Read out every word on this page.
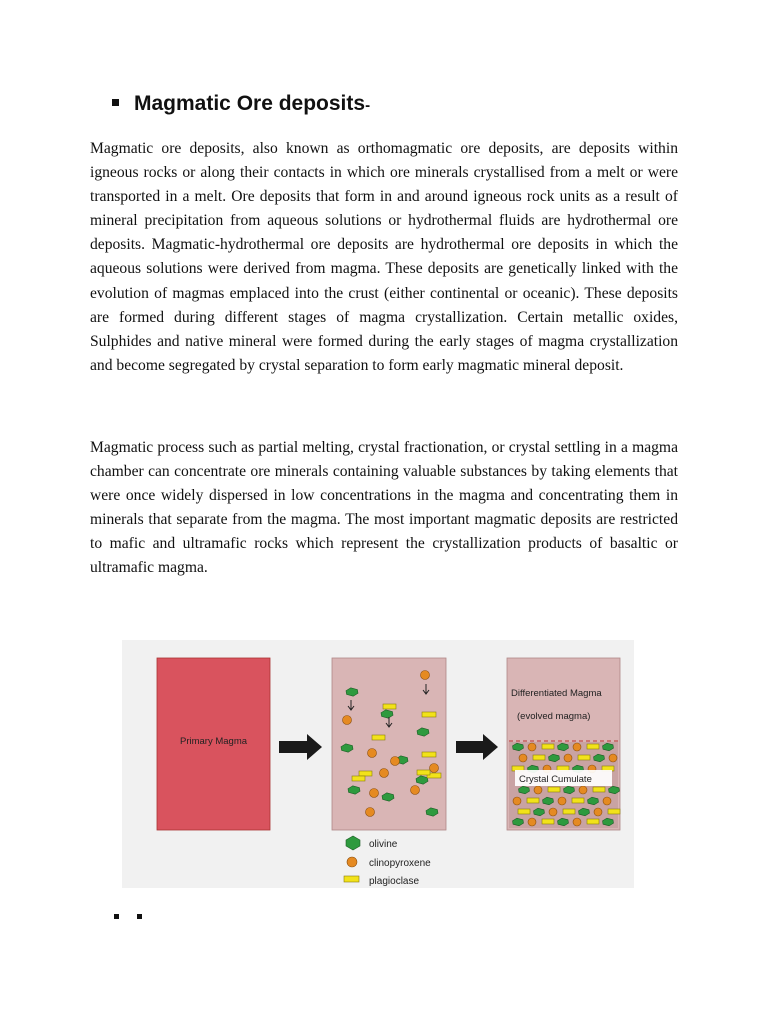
Magmatic Ore deposits -

Magmatic ore deposits, also known as orthomagmatic ore deposits, are deposits within igneous rocks or along their contacts in which ore minerals crystallised from a melt or were transported in a melt. Ore deposits that form in and around igneous rock units as a result of mineral precipitation from aqueous solutions or hydrothermal fluids are hydrothermal ore deposits. Magmatic-hydrothermal ore deposits are hydrothermal ore deposits in which the aqueous solutions were derived from magma. These deposits are genetically linked with the evolution of magmas emplaced into the crust (either continental or oceanic). These deposits are formed during different stages of magma crystallization. Certain metallic oxides, Sulphides and native mineral were formed during the early stages of magma crystallization and become segregated by crystal separation to form early magmatic mineral deposit.

Magmatic process such as partial melting, crystal fractionation, or crystal settling in a magma chamber can concentrate ore minerals containing valuable substances by taking elements that were once widely dispersed in low concentrations in the magma and concentrating them in minerals that separate from the magma. The most important magmatic deposits are restricted to mafic and ultramafic rocks which represent the crystallization products of basaltic or ultramafic magma.

Primary Magma
Differentiated Magma
(evolved magma)
Crystal Cumulate
olivine
clinopyroxene
plagioclase
